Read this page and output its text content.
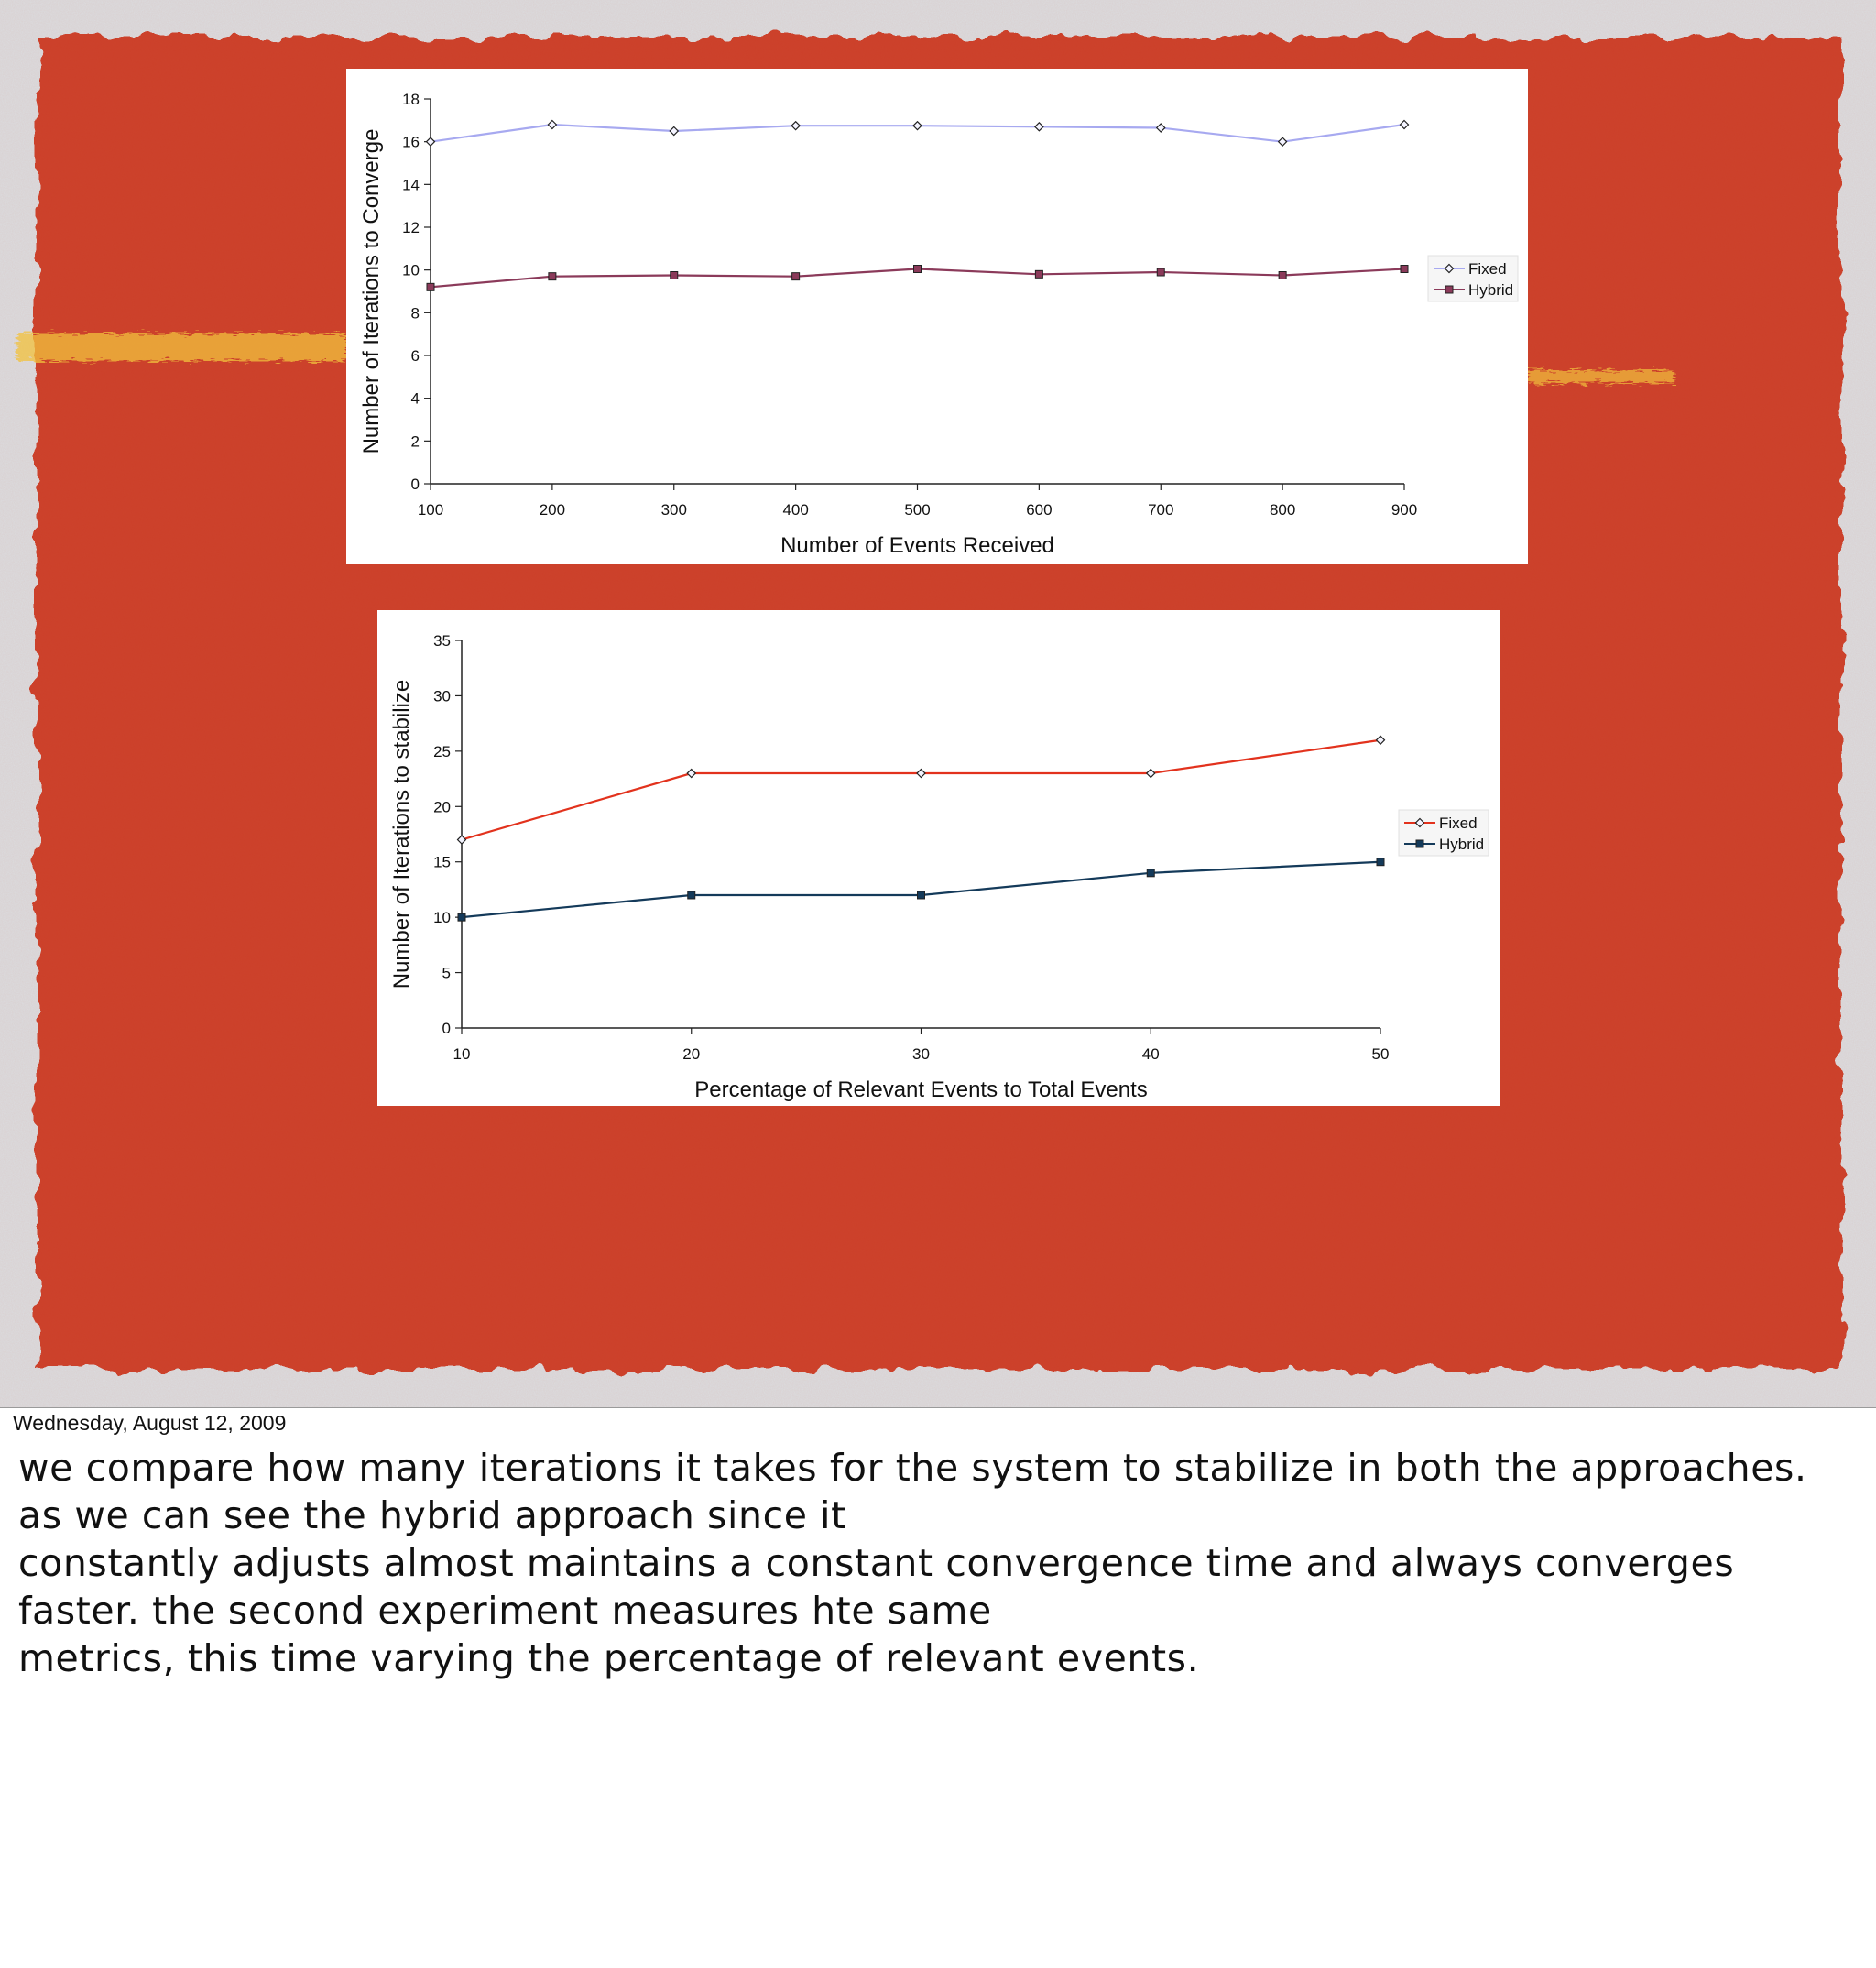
0
2
4
6
8
10
12
14
16
18
100	200	300	400	500	600	700	800	900
Number of Events Received
Number of Iterations to Converge	Fixed
Hybrid
0
5
10
15
20
25
30
35
10	20	30	40	50
Percentage of Relevant Events to Total Events
Number of Iterations to stabilize	Fixed
Hybrid
Wednesday, August 12, 2009
we compare how many iterations it takes for the system to stabilize in both the approaches.
as we can see the hybrid approach since it
constantly adjusts almost maintains a constant convergence time and always converges
faster. the second experiment measures hte same
metrics, this time varying the percentage of relevant events.
